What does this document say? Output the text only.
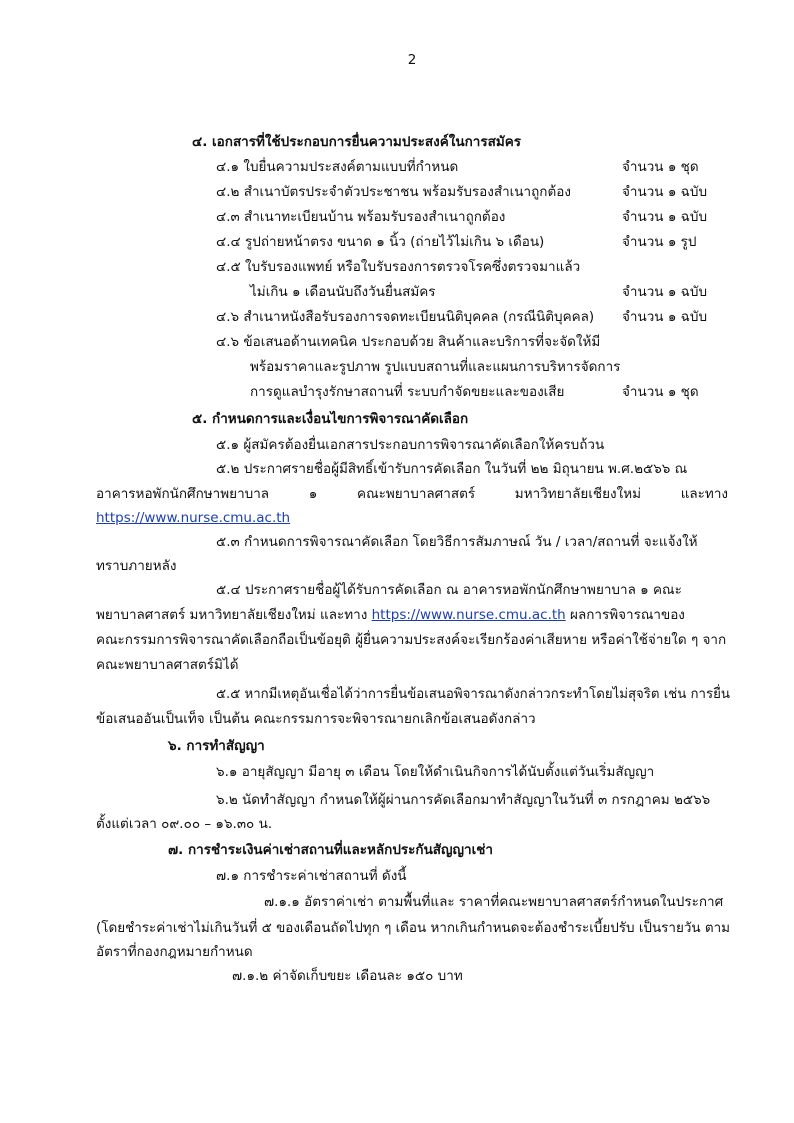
2
๔. เอกสารที่ใช้ประกอบการยื่นความประสงค์ในการสมัคร
๔.๑ ใบยื่นความประสงค์ตามแบบที่กำหนด	จำนวน ๑ ชุด
๔.๒ สำเนาบัตรประจำตัวประชาชน พร้อมรับรองสำเนาถูกต้อง	จำนวน ๑ ฉบับ
๔.๓ สำเนาทะเบียนบ้าน พร้อมรับรองสำเนาถูกต้อง	จำนวน ๑ ฉบับ
๔.๔ รูปถ่ายหน้าตรง ขนาด ๑ นิ้ว (ถ่ายไว้ไม่เกิน ๖ เดือน)	จำนวน ๑ รูป
๔.๕ ใบรับรองแพทย์ หรือใบรับรองการตรวจโรคซึ่งตรวจมาแล้ว
ไม่เกิน ๑ เดือนนับถึงวันยื่นสมัคร	จำนวน ๑ ฉบับ
๔.๖ สำเนาหนังสือรับรองการจดทะเบียนนิติบุคคล (กรณีนิติบุคคล) จำนวน ๑ ฉบับ
๔.๖ ข้อเสนอด้านเทคนิค ประกอบด้วย สินค้าและบริการที่จะจัดให้มี
พร้อมราคาและรูปภาพ รูปแบบสถานที่และแผนการบริหารจัดการ
การดูแลบำรุงรักษาสถานที่ ระบบกำจัดขยะและของเสีย	จำนวน ๑ ชุด
๕. กำหนดการและเงื่อนไขการพิจารณาคัดเลือก
๕.๑ ผู้สมัครต้องยื่นเอกสารประกอบการพิจารณาคัดเลือกให้ครบถ้วน
๕.๒ ประกาศรายชื่อผู้มีสิทธิ์เข้ารับการคัดเลือก ในวันที่ ๒๒ มิถุนายน พ.ศ.๒๕๖๖ ณ
อาคารหอพักนักศึกษาพยาบาล ๑ คณะพยาบาลศาสตร์ มหาวิทยาลัยเชียงใหม่ และทาง
https://www.nurse.cmu.ac.th
๕.๓ กำหนดการพิจารณาคัดเลือก โดยวิธีการสัมภาษณ์ วัน / เวลา/สถานที่ จะแจ้งให้
ทราบภายหลัง
๕.๔ ประกาศรายชื่อผู้ได้รับการคัดเลือก ณ อาคารหอพักนักศึกษาพยาบาล ๑ คณะ
พยาบาลศาสตร์ มหาวิทยาลัยเชียงใหม่ และทาง https://www.nurse.cmu.ac.th ผลการพิจารณาของ
คณะกรรมการพิจารณาคัดเลือกถือเป็นข้อยุติ ผู้ยื่นความประสงค์จะเรียกร้องค่าเสียหาย หรือค่าใช้จ่ายใด ๆ จาก
คณะพยาบาลศาสตร์มิได้
๕.๕ หากมีเหตุอันเชื่อได้ว่าการยื่นข้อเสนอพิจารณาดังกล่าวกระทำโดยไม่สุจริต เช่น การยื่น
ข้อเสนออันเป็นเท็จ เป็นต้น คณะกรรมการจะพิจารณายกเลิกข้อเสนอดังกล่าว
๖. การทำสัญญา
๖.๑ อายุสัญญา มีอายุ ๓ เดือน โดยให้ดำเนินกิจการได้นับตั้งแต่วันเริ่มสัญญา
๖.๒ นัดทำสัญญา กำหนดให้ผู้ผ่านการคัดเลือกมาทำสัญญาในวันที่ ๓ กรกฎาคม ๒๕๖๖
ตั้งแต่เวลา ๐๙.๐๐ – ๑๖.๓๐ น.
๗. การชำระเงินค่าเช่าสถานที่และหลักประกันสัญญาเช่า
๗.๑ การชำระค่าเช่าสถานที่ ดังนี้
๗.๑.๑ อัตราค่าเช่า ตามพื้นที่และ ราคาที่คณะพยาบาลศาสตร์กำหนดในประกาศ
(โดยชำระค่าเช่าไม่เกินวันที่ ๕ ของเดือนถัดไปทุก ๆ เดือน หากเกินกำหนดจะต้องชำระเบี้ยปรับ เป็นรายวัน ตาม
อัตราที่กองกฎหมายกำหนด
๗.๑.๒ ค่าจัดเก็บขยะ เดือนละ ๑๕๐ บาท
